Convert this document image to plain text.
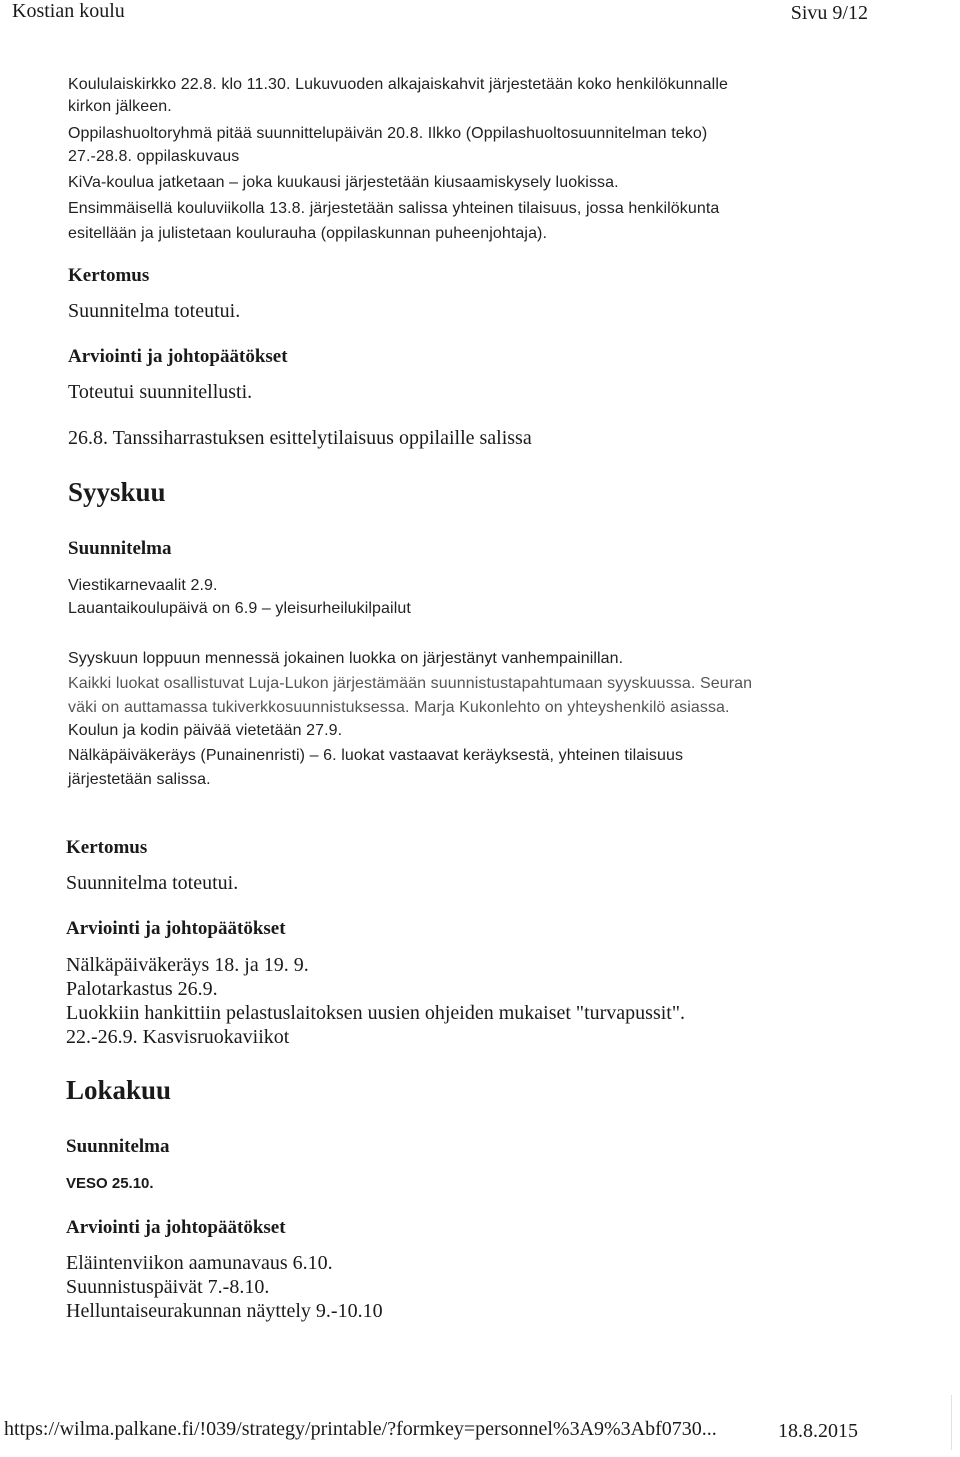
Kostian koulu	Sivu 9/12
Koululaiskirkko 22.8. klo 11.30. Lukuvuoden alkajaiskahvit järjestetään koko henkilökunnalle
kirkon jälkeen.
Oppilashuoltoryhmä pitää suunnittelupäivän 20.8. Ilkko (Oppilashuoltosuunnitelman teko)
27.-28.8. oppilaskuvaus
KiVa-koulua jatketaan – joka kuukausi järjestetään kiusaamiskysely luokissa.
Ensimmäisellä kouluviikolla 13.8. järjestetään salissa yhteinen tilaisuus, jossa henkilökunta
esitellään ja julistetaan koulurauha (oppilaskunnan puheenjohtaja).
Kertomus
Suunnitelma toteutui.
Arviointi ja johtopäätökset
Toteutui suunnitellusti.
26.8. Tanssiharrastuksen esittelytilaisuus oppilaille salissa
Syyskuu
Suunnitelma
Viestikarnevaalit 2.9.
Lauantaikoulupäivä on 6.9 – yleisurheilukilpailut
Syyskuun loppuun mennessä jokainen luokka on järjestänyt vanhempainillan.
Kaikki luokat osallistuvat Luja-Lukon järjestämään suunnistustapahtumaan syyskuussa. Seuran
väki on auttamassa tukiverkkosuunnistuksessa. Marja Kukonlehto on yhteyshenkilö asiassa.
Koulun ja kodin päivää vietetään 27.9.
Nälkäpäiväkeräys (Punainenristi) – 6. luokat vastaavat keräyksestä, yhteinen tilaisuus
järjestetään salissa.
Kertomus
Suunnitelma toteutui.
Arviointi ja johtopäätökset
Nälkäpäiväkeräys 18. ja 19. 9.
Palotarkastus 26.9.
Luokkiin hankittiin pelastuslaitoksen uusien ohjeiden mukaiset "turvapussit".
22.-26.9. Kasvisruokaviikot
Lokakuu
Suunnitelma
VESO 25.10.
Arviointi ja johtopäätökset
Eläintenviikon aamunavaus 6.10.
Suunnistuspäivät 7.-8.10.
Helluntaiseurakunnan näyttely 9.-10.10
https://wilma.palkane.fi/!039/strategy/printable/?formkey=personnel%3A9%3Abf0730...	18.8.2015
